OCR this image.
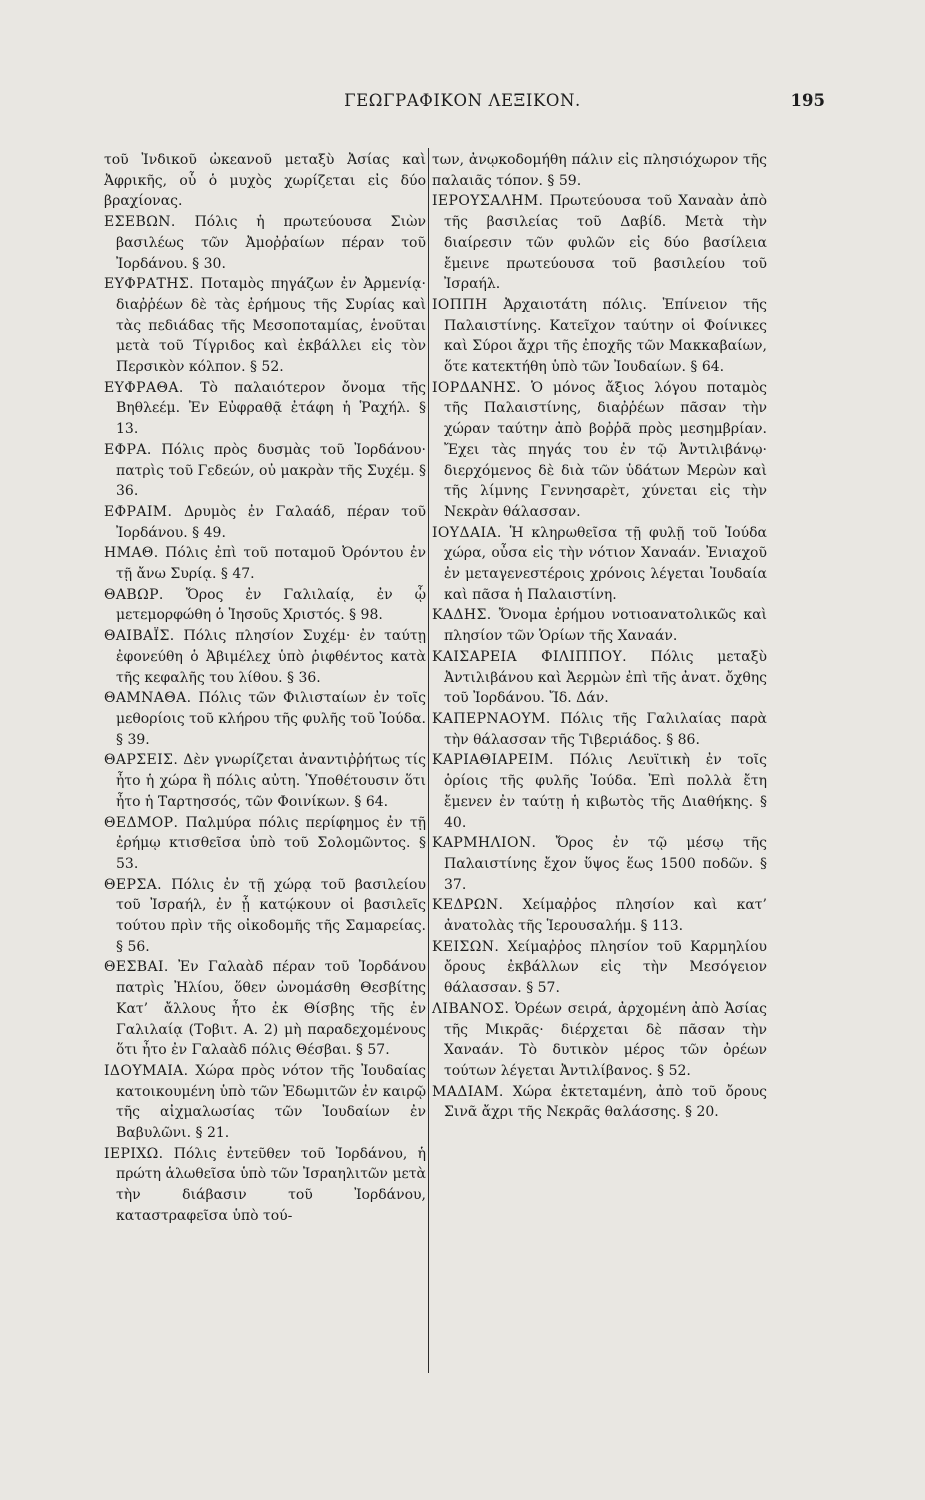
ΓΕΩΓΡΑΦΙΚΟΝ ΛΕΞΙΚΟΝ.	195

τοῦ Ἰνδικοῦ ὠκεανοῦ μεταξὺ Ἀσίας καὶ Ἀφρικῆς, οὗ ὁ μυχὸς χωρίζεται εἰς δύο βραχίονας.

ΕΣΕΒΩΝ. Πόλις ἡ πρωτεύουσα Σιὼν βασιλέως τῶν Ἀμοῤῥαίων πέραν τοῦ Ἰορδάνου. § 30.

ΕΥΦΡΑΤΗΣ. Ποταμὸς πηγάζων ἐν Ἀρμενίᾳ· διαῤῥέων δὲ τὰς ἐρήμους τῆς Συρίας καὶ τὰς πεδιάδας τῆς Μεσοποταμίας, ἑνοῦται μετὰ τοῦ Τίγριδος καὶ ἐκβάλλει εἰς τὸν Περσικὸν κόλπον. § 52.

ΕΥΦΡΑΘΑ. Τὸ παλαιότερον ὄνομα τῆς Βηθλεέμ. Ἐν Εὐφραθᾷ ἐτάφη ἡ Ῥαχήλ. § 13.

ΕΦΡΑ. Πόλις πρὸς δυσμὰς τοῦ Ἰορδάνου· πατρὶς τοῦ Γεδεών, οὐ μακρὰν τῆς Συχέμ. § 36.

ΕΦΡΑΙΜ. Δρυμὸς ἐν Γαλαάδ, πέραν τοῦ Ἰορδάνου. § 49.

ΗΜΑΘ. Πόλις ἐπὶ τοῦ ποταμοῦ Ὀρόντου ἐν τῇ ἄνω Συρίᾳ. § 47.

ΘΑΒΩΡ. Ὄρος ἐν Γαλιλαίᾳ, ἐν ᾧ μετεμορφώθη ὁ Ἰησοῦς Χριστός. § 98.

ΘΑΙΒΑΪΣ. Πόλις πλησίον Συχέμ· ἐν ταύτῃ ἐφονεύθη ὁ Ἀβιμέλεχ ὑπὸ ῥιφθέντος κατὰ τῆς κεφαλῆς του λίθου. § 36.

ΘΑΜΝΑΘΑ. Πόλις τῶν Φιλισταίων ἐν τοῖς μεθορίοις τοῦ κλήρου τῆς φυλῆς τοῦ Ἰούδα. § 39.

ΘΑΡΣΕΙΣ. Δὲν γνωρίζεται ἀναντιῤῥήτως τίς ἦτο ἡ χώρα ἢ πόλις αὐτη. Ὑποθέτουσιν ὅτι ἦτο ἡ Ταρτησσός, τῶν Φοινίκων. § 64.

ΘΕΔΜΟΡ. Παλμύρα πόλις περίφημος ἐν τῇ ἐρήμῳ κτισθεῖσα ὑπὸ τοῦ Σολομῶντος. § 53.

ΘΕΡΣΑ. Πόλις ἐν τῇ χώρᾳ τοῦ βασιλείου τοῦ Ἰσραήλ, ἐν ᾗ κατῴκουν οἱ βασιλεῖς τούτου πρὶν τῆς οἰκοδομῆς τῆς Σαμαρείας. § 56.

ΘΕΣΒΑΙ. Ἐν Γαλαὰδ πέραν τοῦ Ἰορδάνου πατρὶς Ἠλίου, ὅθεν ὠνομάσθη Θεσβίτης Κατ’ ἄλλους ἦτο ἐκ Θίσβης τῆς ἐν Γαλιλαίᾳ (Τοβιτ. Α. 2) μὴ παραδεχομένους ὅτι ἦτο ἐν Γαλαὰδ πόλις Θέσβαι. § 57.

ΙΔΟΥΜΑΙΑ. Χώρα πρὸς νότον τῆς Ἰουδαίας κατοικουμένη ὑπὸ τῶν Ἐδωμιτῶν ἐν καιρῷ τῆς αἰχμαλωσίας τῶν Ἰουδαίων ἐν Βαβυλῶνι. § 21.

ΙΕΡΙΧΩ. Πόλις ἐντεῦθεν τοῦ Ἰορδάνου, ἡ πρώτη ἁλωθεῖσα ὑπὸ τῶν Ἰσραηλιτῶν μετὰ τὴν διάβασιν τοῦ Ἰορδάνου, καταστραφεῖσα ὑπὸ τού-

των, ἀνῳκοδομήθη πάλιν εἰς πλησιόχωρον τῆς παλαιᾶς τόπον. § 59.

ΙΕΡΟΥΣΑΛΗΜ. Πρωτεύουσα τοῦ Χαναὰν ἀπὸ τῆς βασιλείας τοῦ Δαβίδ. Μετὰ τὴν διαίρεσιν τῶν φυλῶν εἰς δύο βασίλεια ἔμεινε πρωτεύουσα τοῦ βασιλείου τοῦ Ἰσραήλ.

ΙΟΠΠΗ Ἀρχαιοτάτη πόλις. Ἐπίνειον τῆς Παλαιστίνης. Κατεῖχον ταύτην οἱ Φοίνικες καὶ Σύροι ἄχρι τῆς ἐποχῆς τῶν Μακκαβαίων, ὅτε κατεκτήθη ὑπὸ τῶν Ἰουδαίων. § 64.

ΙΟΡΔΑΝΗΣ. Ὁ μόνος ἄξιος λόγου ποταμὸς τῆς Παλαιστίνης, διαῤῥέων πᾶσαν τὴν χώραν ταύτην ἀπὸ βοῤῥᾶ πρὸς μεσημβρίαν. Ἔχει τὰς πηγάς του ἐν τῷ Ἀντιλιβάνῳ· διερχόμενος δὲ διὰ τῶν ὑδάτων Μερὼν καὶ τῆς λίμνης Γεννησαρὲτ, χύνεται εἰς τὴν Νεκρὰν θάλασσαν.

ΙΟΥΔΑΙΑ. Ἡ κληρωθεῖσα τῇ φυλῇ τοῦ Ἰούδα χώρα, οὖσα εἰς τὴν νότιον Χαναάν. Ἐνιαχοῦ ἐν μεταγενεστέροις χρόνοις λέγεται Ἰουδαία καὶ πᾶσα ἡ Παλαιστίνη.

ΚΑΔΗΣ. Ὄνομα ἐρήμου νοτιοανατολικῶς καὶ πλησίον τῶν Ὁρίων τῆς Χαναάν.

ΚΑΙΣΑΡΕΙΑ ΦΙΛΙΠΠΟΥ. Πόλις μεταξὺ Ἀντιλιβάνου καὶ Ἀερμὼν ἐπὶ τῆς ἀνατ. ὄχθης τοῦ Ἰορδάνου. Ἴδ. Δάν.

ΚΑΠΕΡΝΑΟΥΜ. Πόλις τῆς Γαλιλαίας παρὰ τὴν θάλασσαν τῆς Τιβεριάδος. § 86.

ΚΑΡΙΑΘΙΑΡΕΙΜ. Πόλις Λευϊτικὴ ἐν τοῖς ὁρίοις τῆς φυλῆς Ἰούδα. Ἐπὶ πολλὰ ἔτη ἔμενεν ἐν ταύτῃ ἡ κιβωτὸς τῆς Διαθήκης. § 40.

ΚΑΡΜΗΛΙΟΝ. Ὄρος ἐν τῷ μέσῳ τῆς Παλαιστίνης ἔχον ὕψος ἕως 1500 ποδῶν. § 37.

ΚΕΔΡΩΝ. Χείμαῤῥος πλησίον καὶ κατ’ ἀνατολὰς τῆς Ἱερουσαλήμ. § 113.

ΚΕΙΣΩΝ. Χείμαῤῥος πλησίον τοῦ Καρμηλίου ὄρους ἐκβάλλων εἰς τὴν Μεσόγειον θάλασσαν. § 57.

ΛΙΒΑΝΟΣ. Ὀρέων σειρά, ἀρχομένη ἀπὸ Ἀσίας τῆς Μικρᾶς· διέρχεται δὲ πᾶσαν τὴν Χαναάν. Τὸ δυτικὸν μέρος τῶν ὀρέων τούτων λέγεται Ἀντιλίβανος. § 52.

ΜΑΔΙΑΜ. Χώρα ἐκτεταμένη, ἀπὸ τοῦ ὄρους Σινᾶ ἄχρι τῆς Νεκρᾶς θαλάσσης. § 20.
